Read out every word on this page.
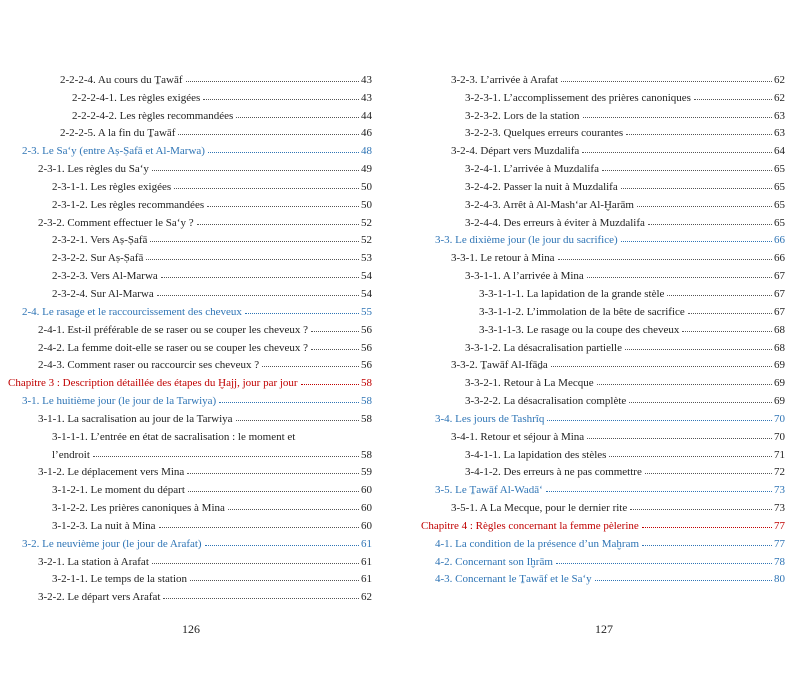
2-2-2-4. Au cours du Ṯawāf	43
2-2-2-4-1. Les règles exigées	43
2-2-2-4-2. Les règles recommandées	44
2-2-2-5. A la fin du Ṯawāf	46
2-3. Le Sa‘y (entre Aṣ-Ṣafā et Al-Marwa)	48
2-3-1. Les règles du Sa‘y	49
2-3-1-1. Les règles exigées	50
2-3-1-2. Les règles recommandées	50
2-3-2. Comment effectuer le Sa‘y ?	52
2-3-2-1. Vers Aṣ-Ṣafā	52
2-3-2-2. Sur Aṣ-Ṣafā	53
2-3-2-3. Vers Al-Marwa	54
2-3-2-4. Sur Al-Marwa	54
2-4. Le rasage et le raccourcissement des cheveux	55
2-4-1. Est-il préférable de se raser ou se couper les cheveux ?	56
2-4-2. La femme doit-elle se raser ou se couper les cheveux ?	56
2-4-3. Comment raser ou raccourcir ses cheveux ?	56
Chapitre 3 : Description détaillée des étapes du Ḫajj, jour par jour	58
3-1. Le huitième jour (le jour de la Tarwiya)	58
3-1-1. La sacralisation au jour de la Tarwiya	58
3-1-1-1. L’entrée en état de sacralisation : le moment et
l’endroit	58
3-1-2. Le déplacement vers Mina	59
3-1-2-1. Le moment du départ	60
3-1-2-2. Les prières canoniques à Mina	60
3-1-2-3. La nuit à Mina	60
3-2. Le neuvième jour (le jour de Arafat)	61
3-2-1. La station à Arafat	61
3-2-1-1. Le temps de la station	61
3-2-2. Le départ vers Arafat	62
3-2-3. L’arrivée à Arafat	62
3-2-3-1. L’accomplissement des prières canoniques	62
3-2-3-2. Lors de la station	63
3-2-2-3. Quelques erreurs courantes	63
3-2-4. Départ vers Muzdalifa	64
3-2-4-1. L’arrivée à Muzdalifa	65
3-2-4-2. Passer la nuit à Muzdalifa	65
3-2-4-3. Arrêt à Al-Mash‘ar Al-Ḫarām	65
3-2-4-4. Des erreurs à éviter à Muzdalifa	65
3-3. Le dixième jour (le jour du sacrifice)	66
3-3-1. Le retour à Mina	66
3-3-1-1. A l’arrivée à Mina	67
3-3-1-1-1. La lapidation de la grande stèle	67
3-3-1-1-2. L’immolation de la bête de sacrifice	67
3-3-1-1-3. Le rasage ou la coupe des cheveux	68
3-3-1-2. La désacralisation partielle	68
3-3-2. Ṯawāf Al-Ifāḏa	69
3-3-2-1. Retour à La Mecque	69
3-3-2-2. La désacralisation complète	69
3-4. Les jours de Tashrîq	70
3-4-1. Retour et séjour à Mina	70
3-4-1-1. La lapidation des stèles	71
3-4-1-2. Des erreurs à ne pas commettre	72
3-5. Le Ṯawāf Al-Wadā‘	73
3-5-1. A La Mecque, pour le dernier rite	73
Chapitre 4 : Règles concernant la femme pèlerine	77
4-1. La condition de la présence d’un Maḫram	77
4-2. Concernant son Iḫrām	78
4-3. Concernant le Ṯawāf et le Sa‘y	80
126	127
